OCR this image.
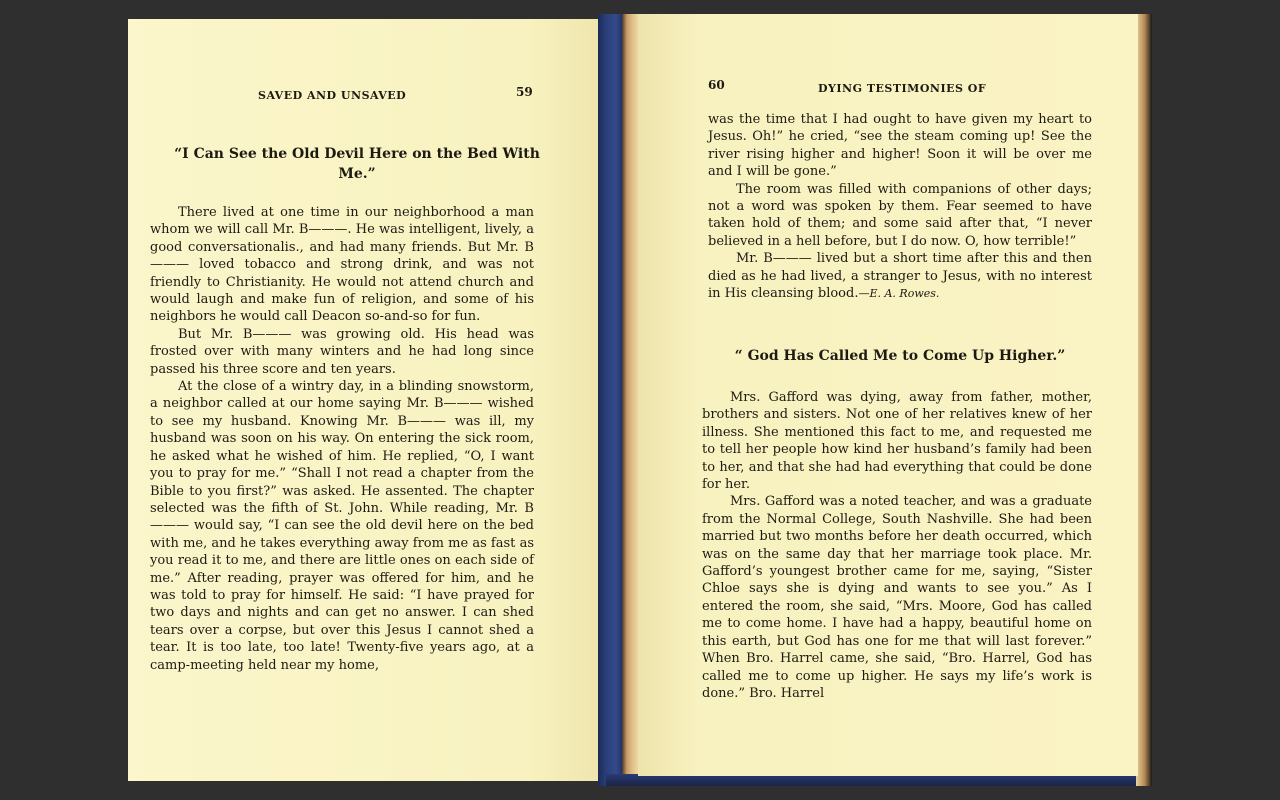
SAVED AND UNSAVED	59
“I Can See the Old Devil Here on the Bed With Me.”

There lived at one time in our neighborhood a man whom we will call Mr. B———. He was intelligent, lively, a good conversationalis., and had many friends. But Mr. B——— loved tobacco and strong drink, and was not friendly to Christianity. He would not attend church and would laugh and make fun of religion, and some of his neighbors he would call Deacon so-and-so for fun.

But Mr. B——— was growing old. His head was frosted over with many winters and he had long since passed his three score and ten years.

At the close of a wintry day, in a blinding snowstorm, a neighbor called at our home saying Mr. B——— wished to see my husband. Knowing Mr. B——— was ill, my husband was soon on his way. On entering the sick room, he asked what he wished of him. He replied, “O, I want you to pray for me.” “Shall I not read a chapter from the Bible to you first?” was asked. He assented. The chapter selected was the fifth of St. John. While reading, Mr. B——— would say, “I can see the old devil here on the bed with me, and he takes everything away from me as fast as you read it to me, and there are little ones on each side of me.” After reading, prayer was offered for him, and he was told to pray for himself. He said: “I have prayed for two days and nights and can get no answer. I can shed tears over a corpse, but over this Jesus I cannot shed a tear. It is too late, too late! Twenty-five years ago, at a camp-meeting held near my home,

60	DYING TESTIMONIES OF

was the time that I had ought to have given my heart to Jesus. Oh!” he cried, “see the steam coming up! See the river rising higher and higher! Soon it will be over me and I will be gone.”

The room was filled with companions of other days; not a word was spoken by them. Fear seemed to have taken hold of them; and some said after that, “I never believed in a hell before, but I do now. O, how terrible!”

Mr. B——— lived but a short time after this and then died as he had lived, a stranger to Jesus, with no interest in His cleansing blood.—E. A. Rowes.

“ God Has Called Me to Come Up Higher.”

Mrs. Gafford was dying, away from father, mother, brothers and sisters. Not one of her relatives knew of her illness. She mentioned this fact to me, and requested me to tell her people how kind her husband’s family had been to her, and that she had had everything that could be done for her.

Mrs. Gafford was a noted teacher, and was a graduate from the Normal College, South Nashville. She had been married but two months before her death occurred, which was on the same day that her marriage took place. Mr. Gafford’s youngest brother came for me, saying, “Sister Chloe says she is dying and wants to see you.” As I entered the room, she said, “Mrs. Moore, God has called me to come home. I have had a happy, beautiful home on this earth, but God has one for me that will last forever.” When Bro. Harrel came, she said, “Bro. Harrel, God has called me to come up higher. He says my life’s work is done.” Bro. Harrel
